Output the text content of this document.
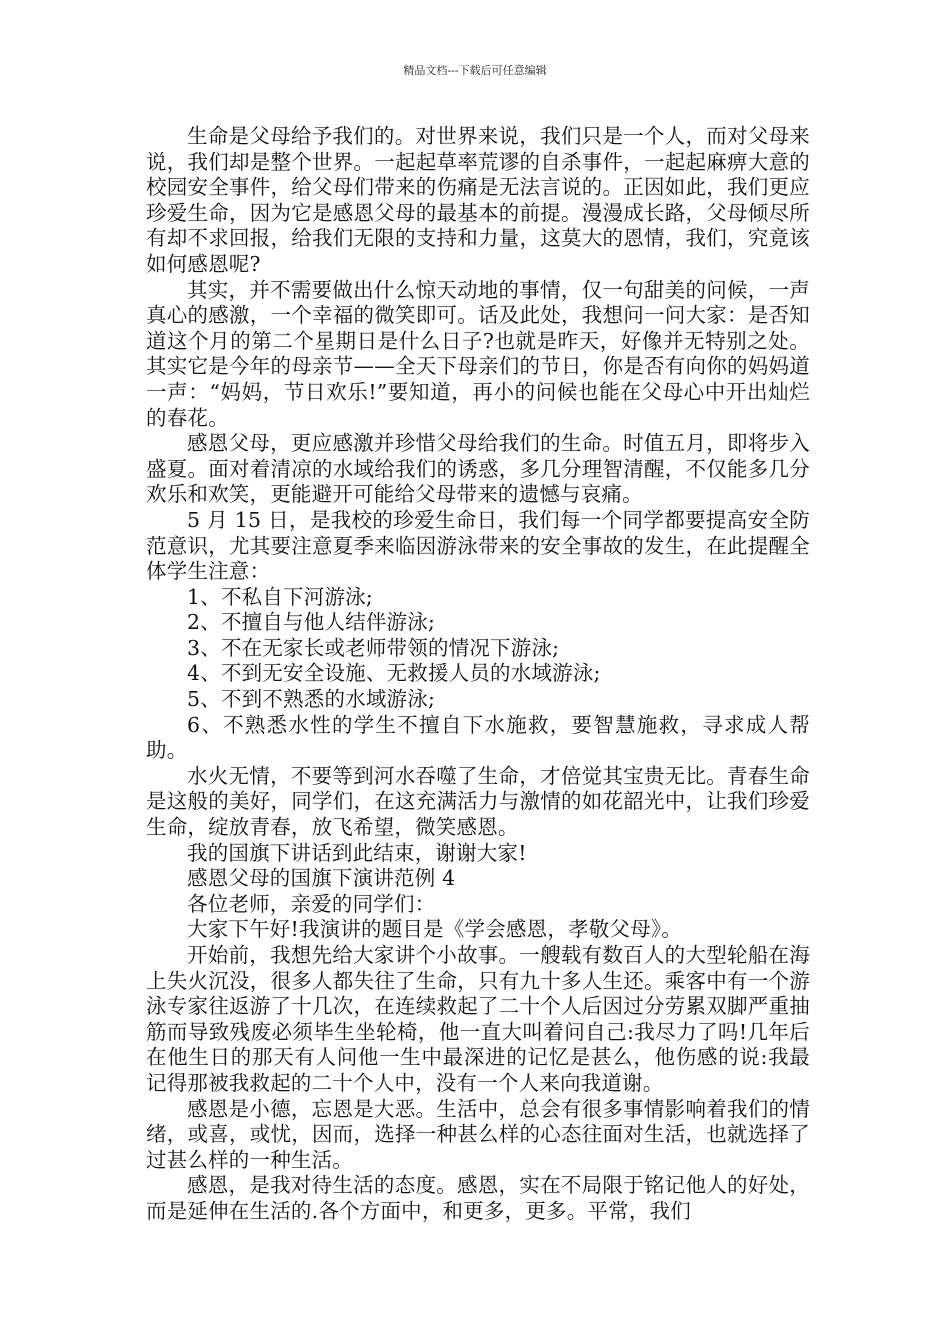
精品文档---下载后可任意编辑

生命是父母给予我们的。对世界来说，我们只是一个人，而对父母来说，我们却是整个世界。一起起草率荒谬的自杀事件，一起起麻痹大意的校园安全事件，给父母们带来的伤痛是无法言说的。正因如此，我们更应珍爱生命，因为它是感恩父母的最基本的前提。漫漫成长路，父母倾尽所有却不求回报，给我们无限的支持和力量，这莫大的恩情，我们，究竟该如何感恩呢?

其实，并不需要做出什么惊天动地的事情，仅一句甜美的问候，一声真心的感激，一个幸福的微笑即可。话及此处，我想问一问大家：是否知道这个月的第二个星期日是什么日子?也就是昨天，好像并无特别之处。其实它是今年的母亲节——全天下母亲们的节日，你是否有向你的妈妈道一声：“妈妈，节日欢乐!”要知道，再小的问候也能在父母心中开出灿烂的春花。

感恩父母，更应感激并珍惜父母给我们的生命。时值五月，即将步入盛夏。面对着清凉的水域给我们的诱惑，多几分理智清醒，不仅能多几分欢乐和欢笑，更能避开可能给父母带来的遗憾与哀痛。

5 月 15 日，是我校的珍爱生命日，我们每一个同学都要提高安全防范意识，尤其要注意夏季来临因游泳带来的安全事故的发生，在此提醒全体学生注意：

1、不私自下河游泳;

2、不擅自与他人结伴游泳;

3、不在无家长或老师带领的情况下游泳;

4、不到无安全设施、无救援人员的水域游泳;

5、不到不熟悉的水域游泳;

6、不熟悉水性的学生不擅自下水施救，要智慧施救，寻求成人帮助。

水火无情，不要等到河水吞噬了生命，才倍觉其宝贵无比。青春生命是这般的美好，同学们，在这充满活力与激情的如花韶光中，让我们珍爱生命，绽放青春，放飞希望，微笑感恩。

我的国旗下讲话到此结束，谢谢大家!

感恩父母的国旗下演讲范例 4

各位老师，亲爱的同学们：

大家下午好!我演讲的题目是《学会感恩，孝敬父母》。

开始前，我想先给大家讲个小故事。一艘载有数百人的大型轮船在海上失火沉没，很多人都失往了生命，只有九十多人生还。乘客中有一个游泳专家往返游了十几次，在连续救起了二十个人后因过分劳累双脚严重抽筋而导致残废必须毕生坐轮椅，他一直大叫着问自己:我尽力了吗!几年后在他生日的那天有人问他一生中最深进的记忆是甚么，他伤感的说:我最记得那被我救起的二十个人中，没有一个人来向我道谢。

感恩是小德，忘恩是大恶。生活中，总会有很多事情影响着我们的情绪，或喜，或忧，因而，选择一种甚么样的心态往面对生活，也就选择了过甚么样的一种生活。

感恩，是我对待生活的态度。感恩，实在不局限于铭记他人的好处，而是延伸在生活的.各个方面中，和更多，更多。平常，我们
